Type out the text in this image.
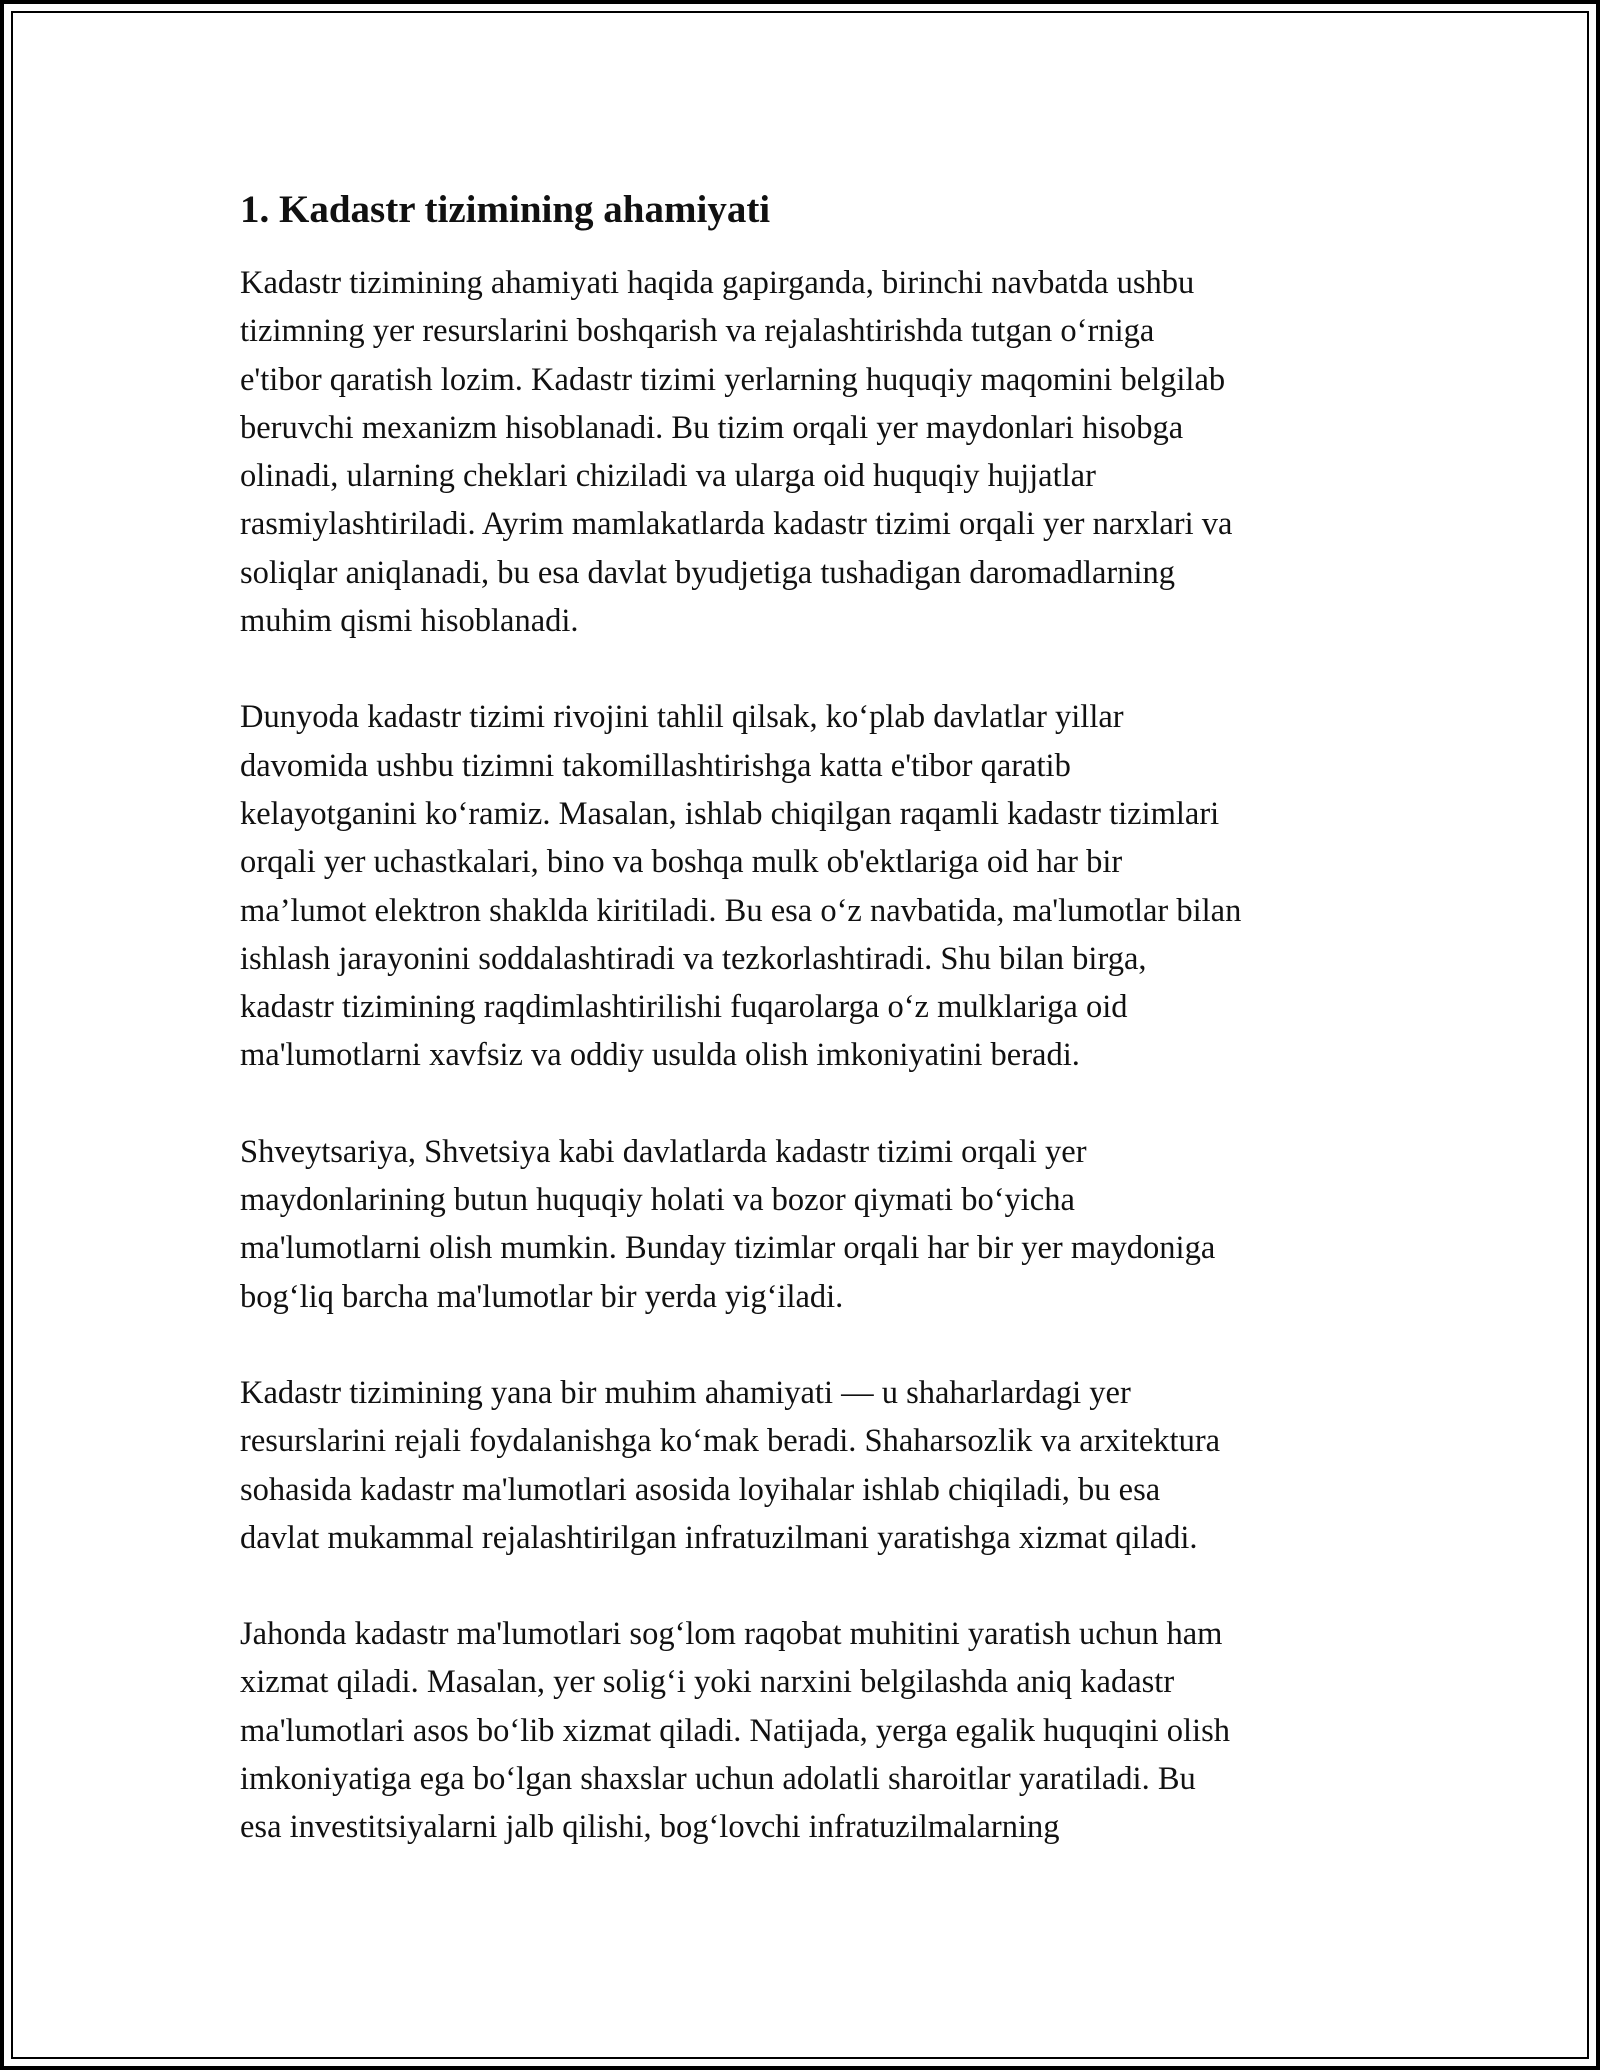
1. Kadastr tizimining ahamiyati
Kadastr tizimining ahamiyati haqida gapirganda, birinchi navbatda ushbu
tizimning yer resurslarini boshqarish va rejalashtirishda tutgan o‘rniga
e'tibor qaratish lozim. Kadastr tizimi yerlarning huquqiy maqomini belgilab
beruvchi mexanizm hisoblanadi. Bu tizim orqali yer maydonlari hisobga
olinadi, ularning cheklari chiziladi va ularga oid huquqiy hujjatlar
rasmiylashtiriladi. Ayrim mamlakatlarda kadastr tizimi orqali yer narxlari va
soliqlar aniqlanadi, bu esa davlat byudjetiga tushadigan daromadlarning
muhim qismi hisoblanadi.
Dunyoda kadastr tizimi rivojini tahlil qilsak, ko‘plab davlatlar yillar
davomida ushbu tizimni takomillashtirishga katta e'tibor qaratib
kelayotganini ko‘ramiz. Masalan, ishlab chiqilgan raqamli kadastr tizimlari
orqali yer uchastkalari, bino va boshqa mulk ob'ektlariga oid har bir
ma’lumot elektron shaklda kiritiladi. Bu esa o‘z navbatida, ma'lumotlar bilan
ishlash jarayonini soddalashtiradi va tezkorlashtiradi. Shu bilan birga,
kadastr tizimining raqdimlashtirilishi fuqarolarga o‘z mulklariga oid
ma'lumotlarni xavfsiz va oddiy usulda olish imkoniyatini beradi.
Shveytsariya, Shvetsiya kabi davlatlarda kadastr tizimi orqali yer
maydonlarining butun huquqiy holati va bozor qiymati bo‘yicha
ma'lumotlarni olish mumkin. Bunday tizimlar orqali har bir yer maydoniga
bog‘liq barcha ma'lumotlar bir yerda yig‘iladi.
Kadastr tizimining yana bir muhim ahamiyati — u shaharlardagi yer
resurslarini rejali foydalanishga ko‘mak beradi. Shaharsozlik va arxitektura
sohasida kadastr ma'lumotlari asosida loyihalar ishlab chiqiladi, bu esa
davlat mukammal rejalashtirilgan infratuzilmani yaratishga xizmat qiladi.
Jahonda kadastr ma'lumotlari sog‘lom raqobat muhitini yaratish uchun ham
xizmat qiladi. Masalan, yer solig‘i yoki narxini belgilashda aniq kadastr
ma'lumotlari asos bo‘lib xizmat qiladi. Natijada, yerga egalik huquqini olish
imkoniyatiga ega bo‘lgan shaxslar uchun adolatli sharoitlar yaratiladi. Bu
esa investitsiyalarni jalb qilishi, bog‘lovchi infratuzilmalarning
